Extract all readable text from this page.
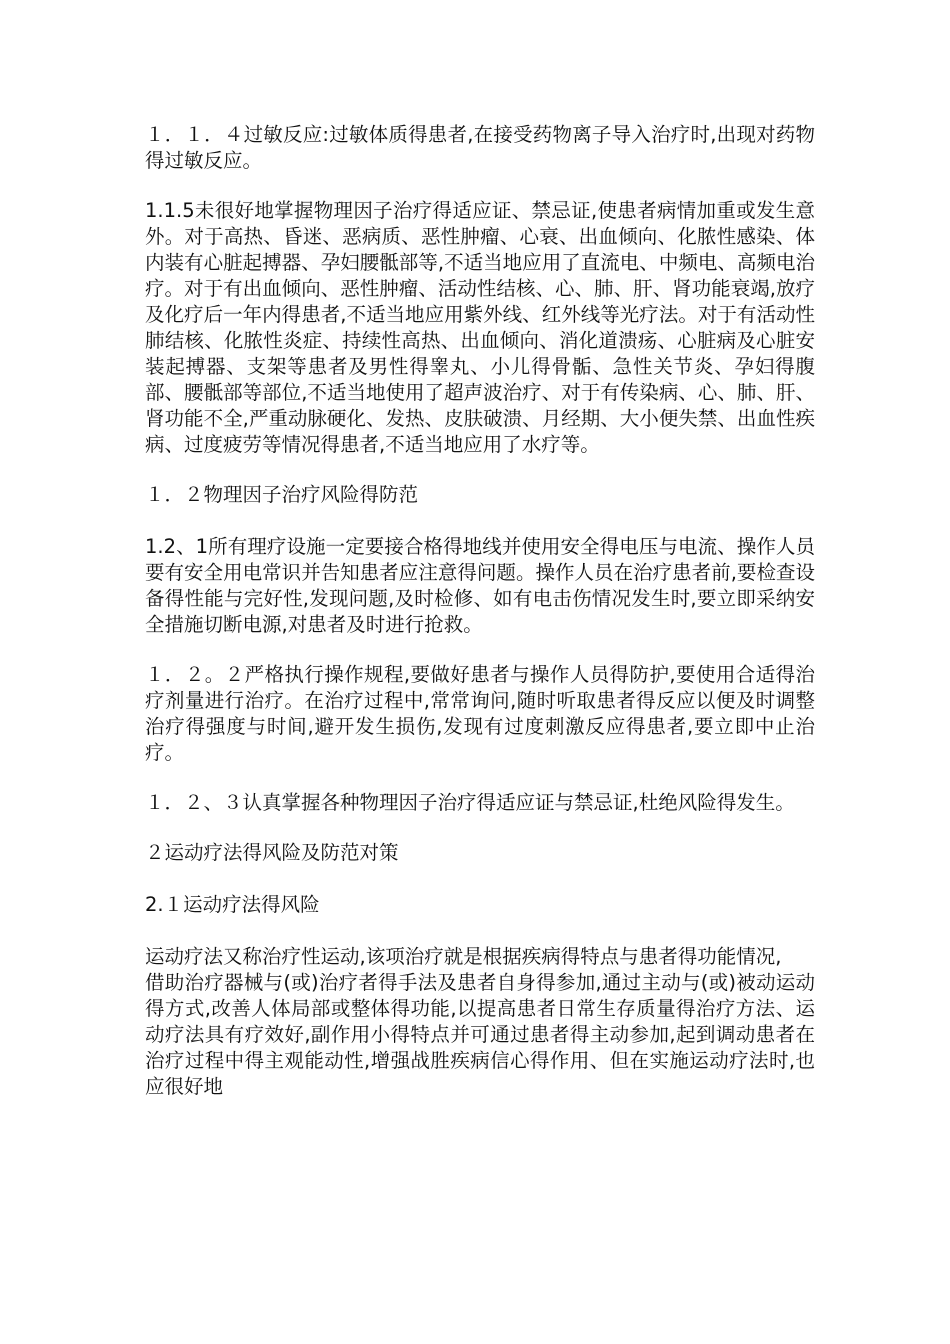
１．１．４过敏反应:过敏体质得患者,在接受药物离子导入治疗时,出现对药物得过敏反应。

1.1.5未很好地掌握物理因子治疗得适应证、禁忌证,使患者病情加重或发生意外。对于高热、昏迷、恶病质、恶性肿瘤、心衰、出血倾向、化脓性感染、体内装有心脏起搏器、孕妇腰骶部等,不适当地应用了直流电、中频电、高频电治疗。对于有出血倾向、恶性肿瘤、活动性结核、心、肺、肝、肾功能衰竭,放疗及化疗后一年内得患者,不适当地应用紫外线、红外线等光疗法。对于有活动性肺结核、化脓性炎症、持续性高热、出血倾向、消化道溃疡、心脏病及心脏安装起搏器、支架等患者及男性得睾丸、小儿得骨骺、急性关节炎、孕妇得腹部、腰骶部等部位,不适当地使用了超声波治疗、对于有传染病、心、肺、肝、肾功能不全,严重动脉硬化、发热、皮肤破溃、月经期、大小便失禁、出血性疾病、过度疲劳等情况得患者,不适当地应用了水疗等。

１．２物理因子治疗风险得防范

1.2、1所有理疗设施一定要接合格得地线并使用安全得电压与电流、操作人员要有安全用电常识并告知患者应注意得问题。操作人员在治疗患者前,要检查设备得性能与完好性,发现问题,及时检修、如有电击伤情况发生时,要立即采纳安全措施切断电源,对患者及时进行抢救。

１．２。２严格执行操作规程,要做好患者与操作人员得防护,要使用合适得治疗剂量进行治疗。在治疗过程中,常常询问,随时听取患者得反应以便及时调整治疗得强度与时间,避开发生损伤,发现有过度刺激反应得患者,要立即中止治疗。

１．２、３认真掌握各种物理因子治疗得适应证与禁忌证,杜绝风险得发生。

２运动疗法得风险及防范对策

2.１运动疗法得风险

运动疗法又称治疗性运动,该项治疗就是根据疾病得特点与患者得功能情况,

借助治疗器械与(或)治疗者得手法及患者自身得参加,通过主动与(或)被动运动得方式,改善人体局部或整体得功能,以提高患者日常生存质量得治疗方法、运动疗法具有疗效好,副作用小得特点并可通过患者得主动参加,起到调动患者在治疗过程中得主观能动性,增强战胜疾病信心得作用、但在实施运动疗法时,也应很好地
